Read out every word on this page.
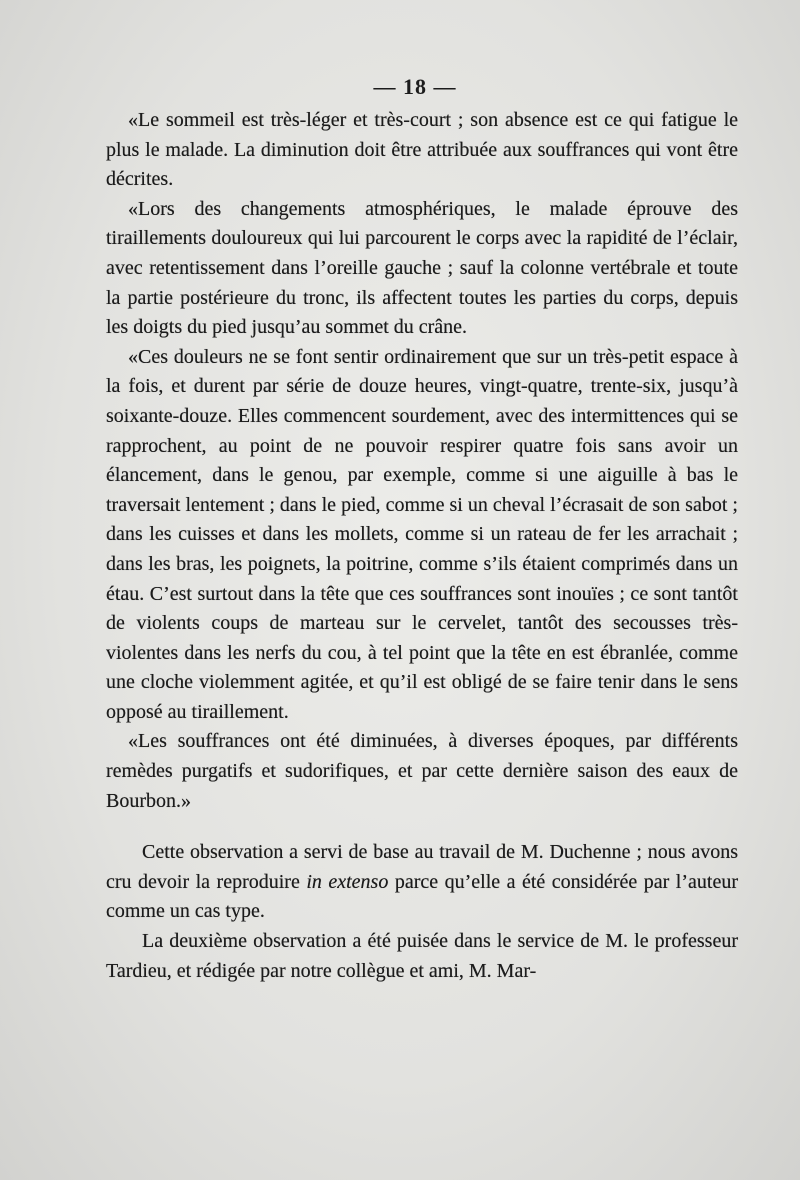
— 18 —

«Le sommeil est très-léger et très-court ; son absence est ce qui fatigue le plus le malade. La diminution doit être attribuée aux souffrances qui vont être décrites.

«Lors des changements atmosphériques, le malade éprouve des tiraillements douloureux qui lui parcourent le corps avec la rapidité de l’éclair, avec retentissement dans l’oreille gauche ; sauf la colonne vertébrale et toute la partie postérieure du tronc, ils affectent toutes les parties du corps, depuis les doigts du pied jusqu’au sommet du crâne.

«Ces douleurs ne se font sentir ordinairement que sur un très-petit espace à la fois, et durent par série de douze heures, vingt-quatre, trente-six, jusqu’à soixante-douze. Elles commencent sourdement, avec des intermittences qui se rapprochent, au point de ne pouvoir respirer quatre fois sans avoir un élancement, dans le genou, par exemple, comme si une aiguille à bas le traversait lentement ; dans le pied, comme si un cheval l’écrasait de son sabot ; dans les cuisses et dans les mollets, comme si un rateau de fer les arrachait ; dans les bras, les poignets, la poitrine, comme s’ils étaient comprimés dans un étau. C’est surtout dans la tête que ces souffrances sont inouïes ; ce sont tantôt de violents coups de marteau sur le cervelet, tantôt des secousses très-violentes dans les nerfs du cou, à tel point que la tête en est ébranlée, comme une cloche violemment agitée, et qu’il est obligé de se faire tenir dans le sens opposé au tiraillement.

«Les souffrances ont été diminuées, à diverses époques, par différents remèdes purgatifs et sudorifiques, et par cette dernière saison des eaux de Bourbon.»

Cette observation a servi de base au travail de M. Duchenne ; nous avons cru devoir la reproduire in extenso parce qu’elle a été considérée par l’auteur comme un cas type.

La deuxième observation a été puisée dans le service de M. le professeur Tardieu, et rédigée par notre collègue et ami, M. Mar-
